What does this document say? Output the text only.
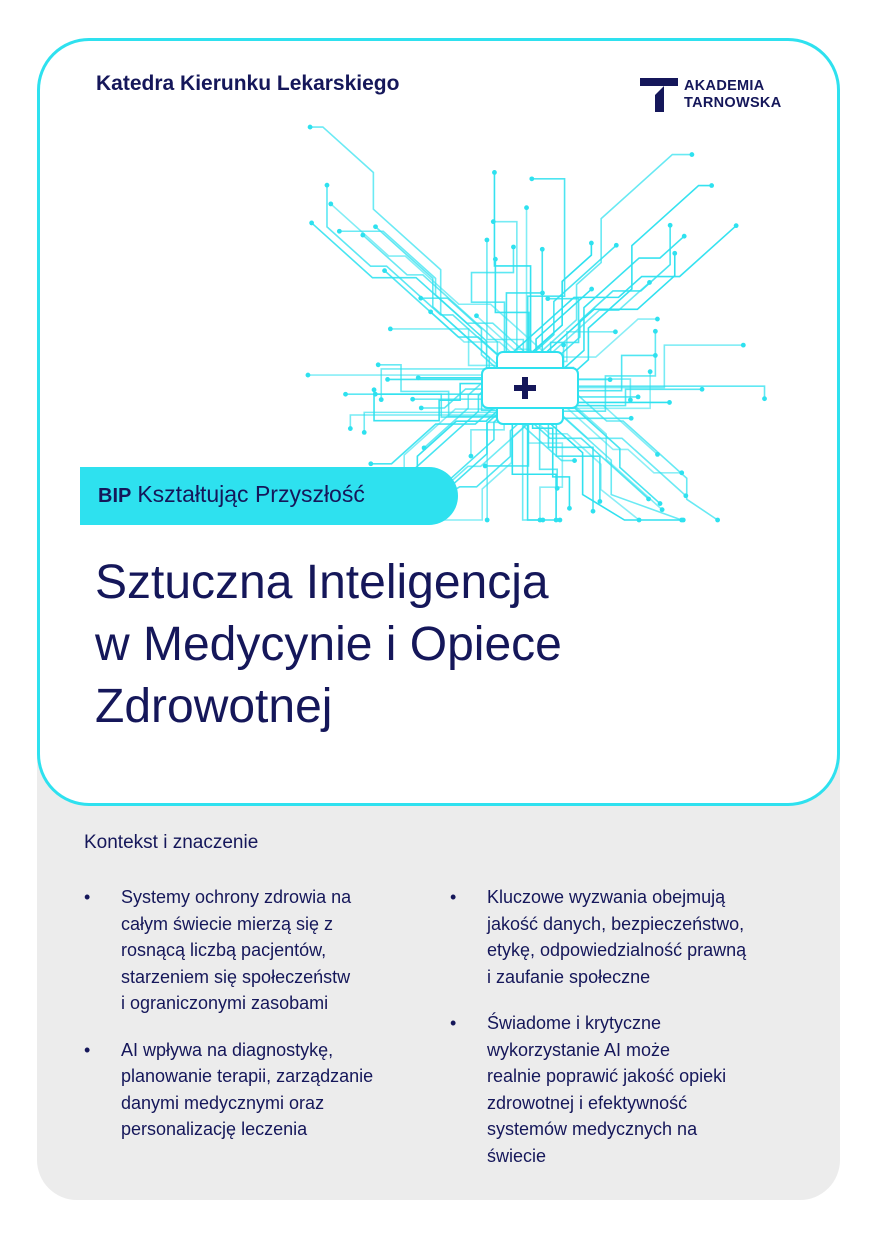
Katedra Kierunku Lekarskiego	AKADEMIA
TARNOWSKA
BIP Kształtując Przyszłość
Sztuczna Inteligencja
w Medycynie i Opiece
Zdrowotnej
Kontekst i znaczenie
• Systemy ochrony zdrowia na
całym świecie mierzą się z
rosnącą liczbą pacjentów,
starzeniem się społeczeństw
i ograniczonymi zasobami
• AI wpływa na diagnostykę,
planowanie terapii, zarządzanie
danymi medycznymi oraz
personalizację leczenia
• Kluczowe wyzwania obejmują
jakość danych, bezpieczeństwo,
etykę, odpowiedzialność prawną
i zaufanie społeczne
• Świadome i krytyczne
wykorzystanie AI może
realnie poprawić jakość opieki
zdrowotnej i efektywność
systemów medycznych na
świecie
